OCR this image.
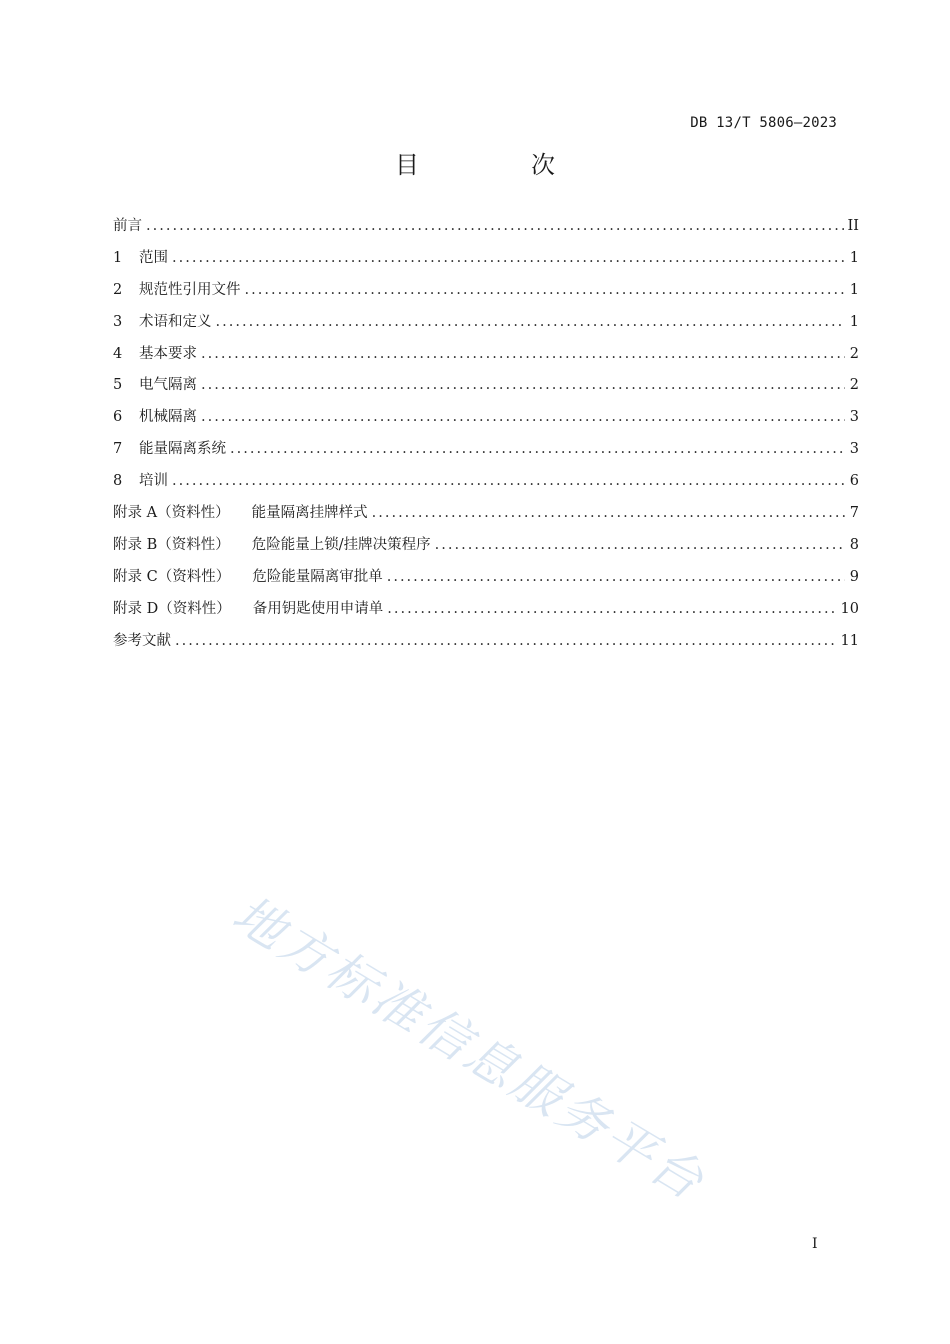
DB 13/T 5806—2023
目　次
前言 . . .	II
1 范围 . . .	1
2 规范性引用文件 . . .	1
3 术语和定义 . . .	1
4 基本要求 . . .	2
5 电气隔离 . . .	2
6 机械隔离 . . .	3
7 能量隔离系统 . . .	3
8 培训 . . .	6
附录 A（资料性） 能量隔离挂牌样式 . . .	7
附录 B（资料性） 危险能量上锁/挂牌决策程序 . . .	8
附录 C（资料性） 危险能量隔离审批单 . . .	9
附录 D（资料性） 备用钥匙使用申请单 . . .	10
参考文献 . . .	11
地方标准信息服务平台
I
